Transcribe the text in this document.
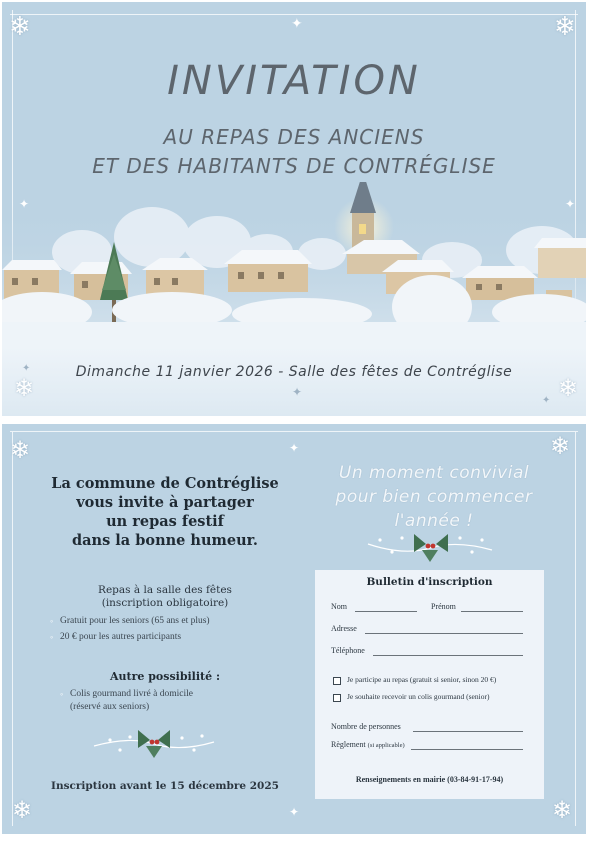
❄	❄
✦
INVITATION
AU REPAS DES ANCIENS
ET DES HABITANTS DE CONTRÉGLISE
Dimanche 11 janvier 2026 - Salle des fêtes de Contréglise
❄	❄
✦
✦
✦
❄	❄
❄	❄
✦
✦
La commune de Contréglise
vous invite à partager
un repas festif
dans la bonne humeur.
Repas à la salle des fêtes
(inscription obligatoire)
◦ Gratuit pour les seniors (65 ans et plus)
◦ 20 € pour les autres participants
Autre possibilité :
◦ Colis gourmand livré à domicile
(réservé aux seniors)
Inscription avant le 15 décembre 2025
Un moment convivial
pour bien commencer
l'année !
Bulletin d'inscription
Nom	Prénom
Adresse
Téléphone
Je participe au repas (gratuit si senior, sinon 20 €)
Je souhaite recevoir un colis gourmand (senior)
Nombre de personnes
Règlement (si applicable)
Renseignements en mairie (03-84-91-17-94)
